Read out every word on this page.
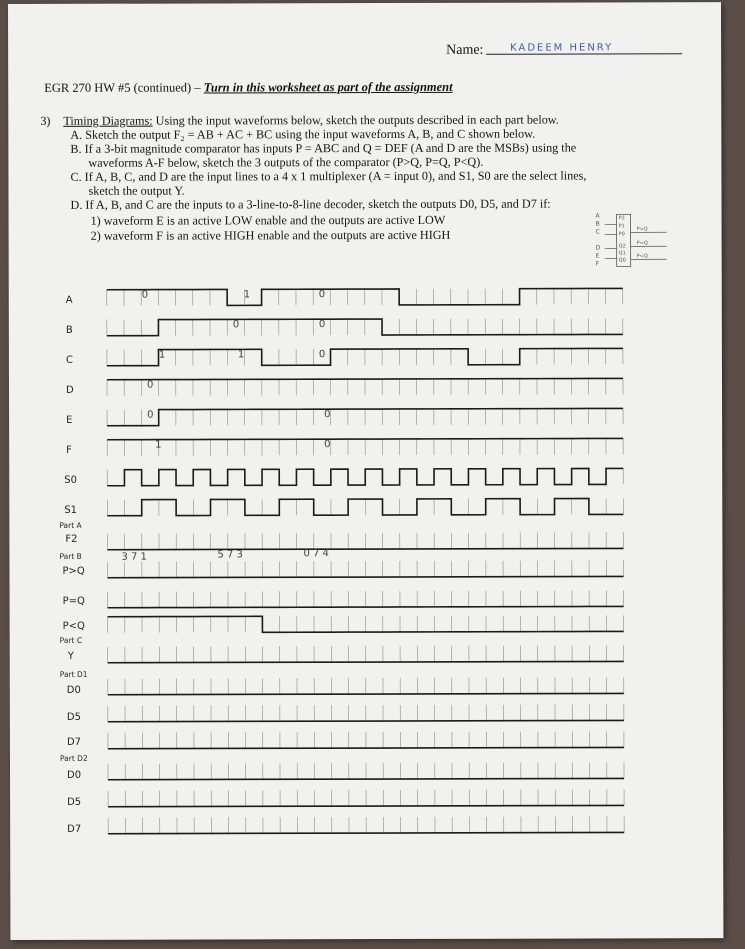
Name:	KADEEM HENRY
EGR 270 HW #5 (continued) – Turn in this worksheet as part of the assignment
3) Timing Diagrams: Using the input waveforms below, sketch the outputs described in each part below.
A. Sketch the output F₂ = AB + AC + BC using the input waveforms A, B, and C shown below.
B. If a 3-bit magnitude comparator has inputs P = ABC and Q = DEF (A and D are the MSBs) using the
waveforms A-F below, sketch the 3 outputs of the comparator (P>Q, P=Q, P<Q).
C. If A, B, C, and D are the input lines to a 4 x 1 multiplexer (A = input 0), and S1, S0 are the select lines,
sketch the output Y.
D. If A, B, and C are the inputs to a 3-line-to-8-line decoder, sketch the outputs D0, D5, and D7 if:
1) waveform E is an active LOW enable and the outputs are active LOW
2) waveform F is an active HIGH enable and the outputs are active HIGH
A
B
C
D
E
F
P2
P1
P0
Q2
Q1
Q0
P>Q
P=Q
P<Q
A
B
C
D
E
F
S0
S1
Part A
F2
Part B
P>Q
P=Q
P<Q
Part C
Y
Part D1
D0
D5
D7
Part D2
D0
D5
D7
0	1	0
0	0
1	1	0
0
0	0
1	0
3 7 1	5 7 3	0 7 4
